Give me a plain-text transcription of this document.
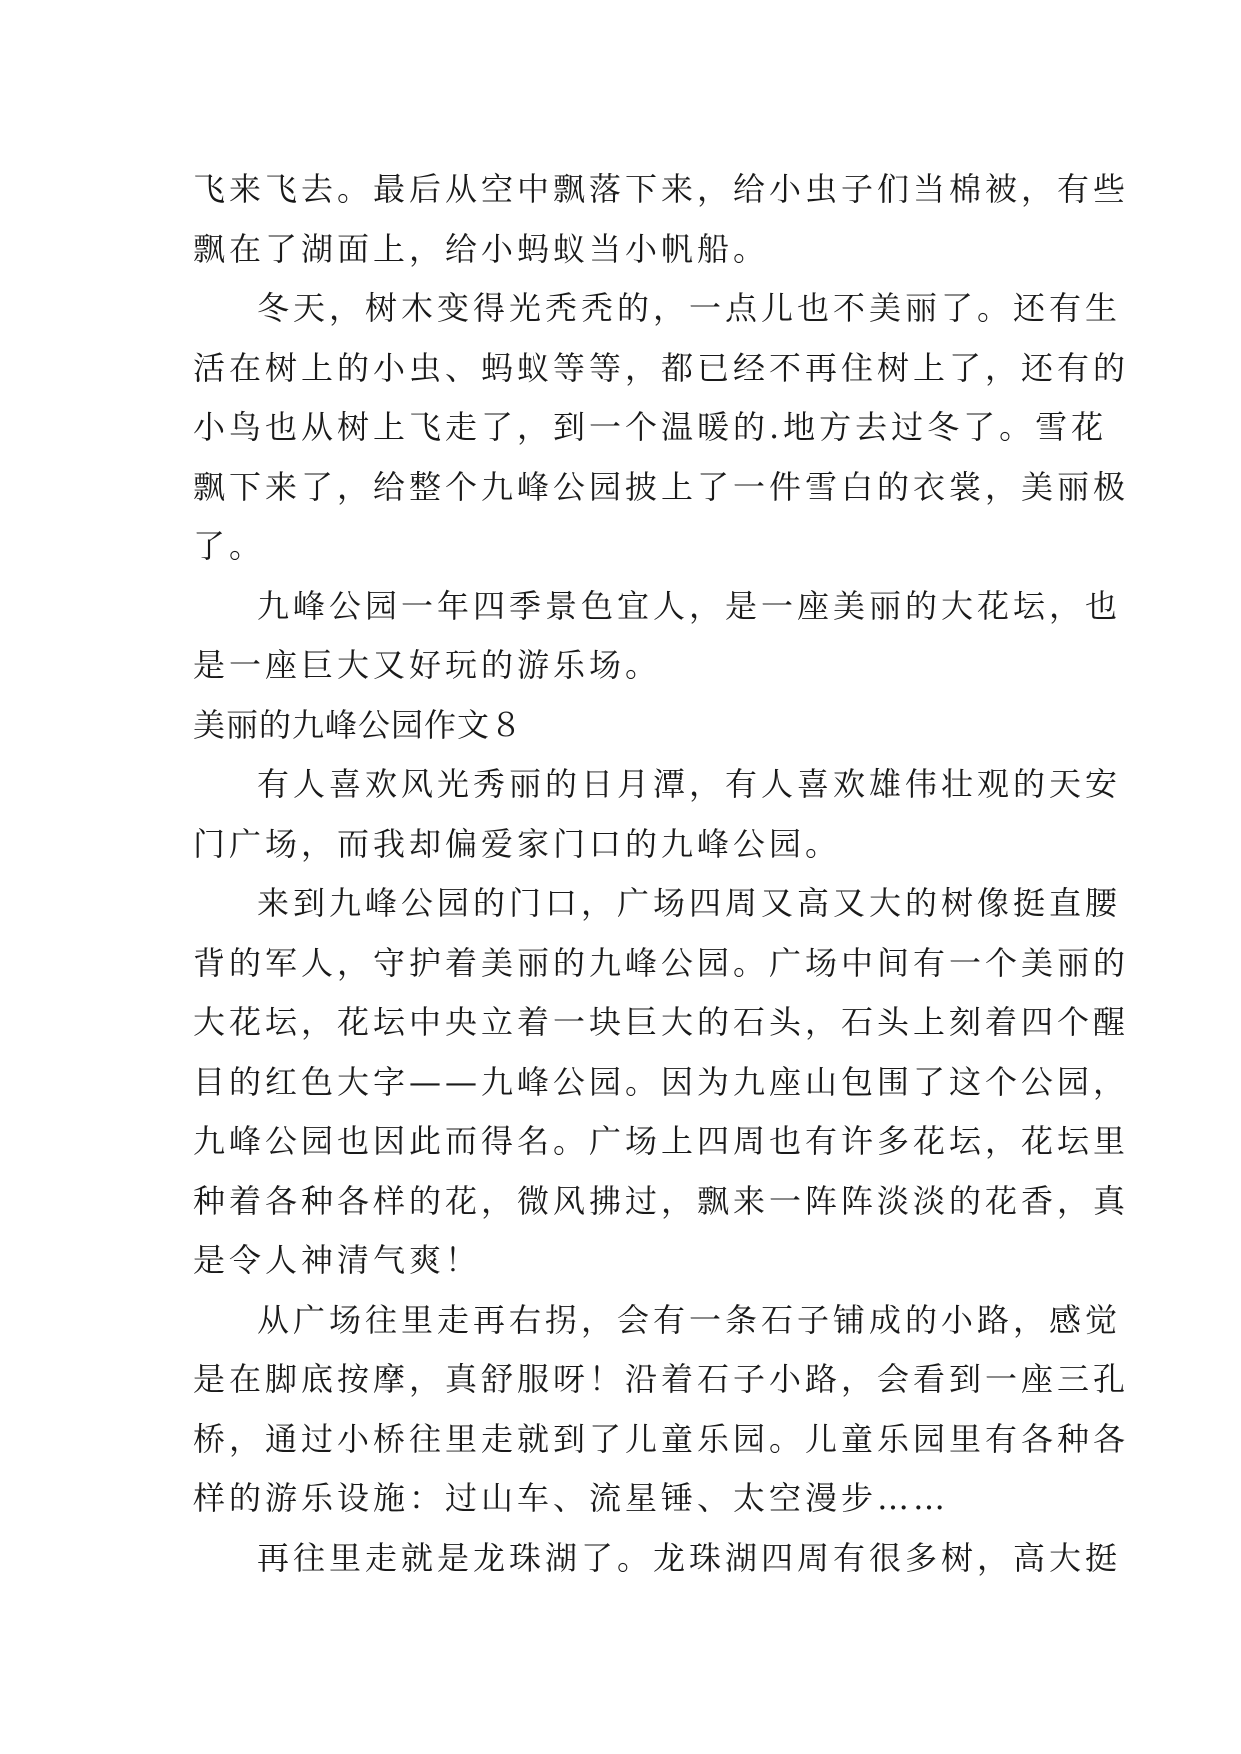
飞来飞去。最后从空中飘落下来，给小虫子们当棉被，有些
飘在了湖面上，给小蚂蚁当小帆船。
冬天，树木变得光秃秃的，一点儿也不美丽了。还有生
活在树上的小虫、蚂蚁等等，都已经不再住树上了，还有的
小鸟也从树上飞走了，到一个温暖的.地方去过冬了。雪花
飘下来了，给整个九峰公园披上了一件雪白的衣裳，美丽极
了。
九峰公园一年四季景色宜人，是一座美丽的大花坛，也
是一座巨大又好玩的游乐场。
美丽的九峰公园作文８
有人喜欢风光秀丽的日月潭，有人喜欢雄伟壮观的天安
门广场，而我却偏爱家门口的九峰公园。
来到九峰公园的门口，广场四周又高又大的树像挺直腰
背的军人，守护着美丽的九峰公园。广场中间有一个美丽的
大花坛，花坛中央立着一块巨大的石头，石头上刻着四个醒
目的红色大字——九峰公园。因为九座山包围了这个公园，
九峰公园也因此而得名。广场上四周也有许多花坛，花坛里
种着各种各样的花，微风拂过，飘来一阵阵淡淡的花香，真
是令人神清气爽！
从广场往里走再右拐，会有一条石子铺成的小路，感觉
是在脚底按摩，真舒服呀！沿着石子小路，会看到一座三孔
桥，通过小桥往里走就到了儿童乐园。儿童乐园里有各种各
样的游乐设施：过山车、流星锤、太空漫步……
再往里走就是龙珠湖了。龙珠湖四周有很多树，高大挺
